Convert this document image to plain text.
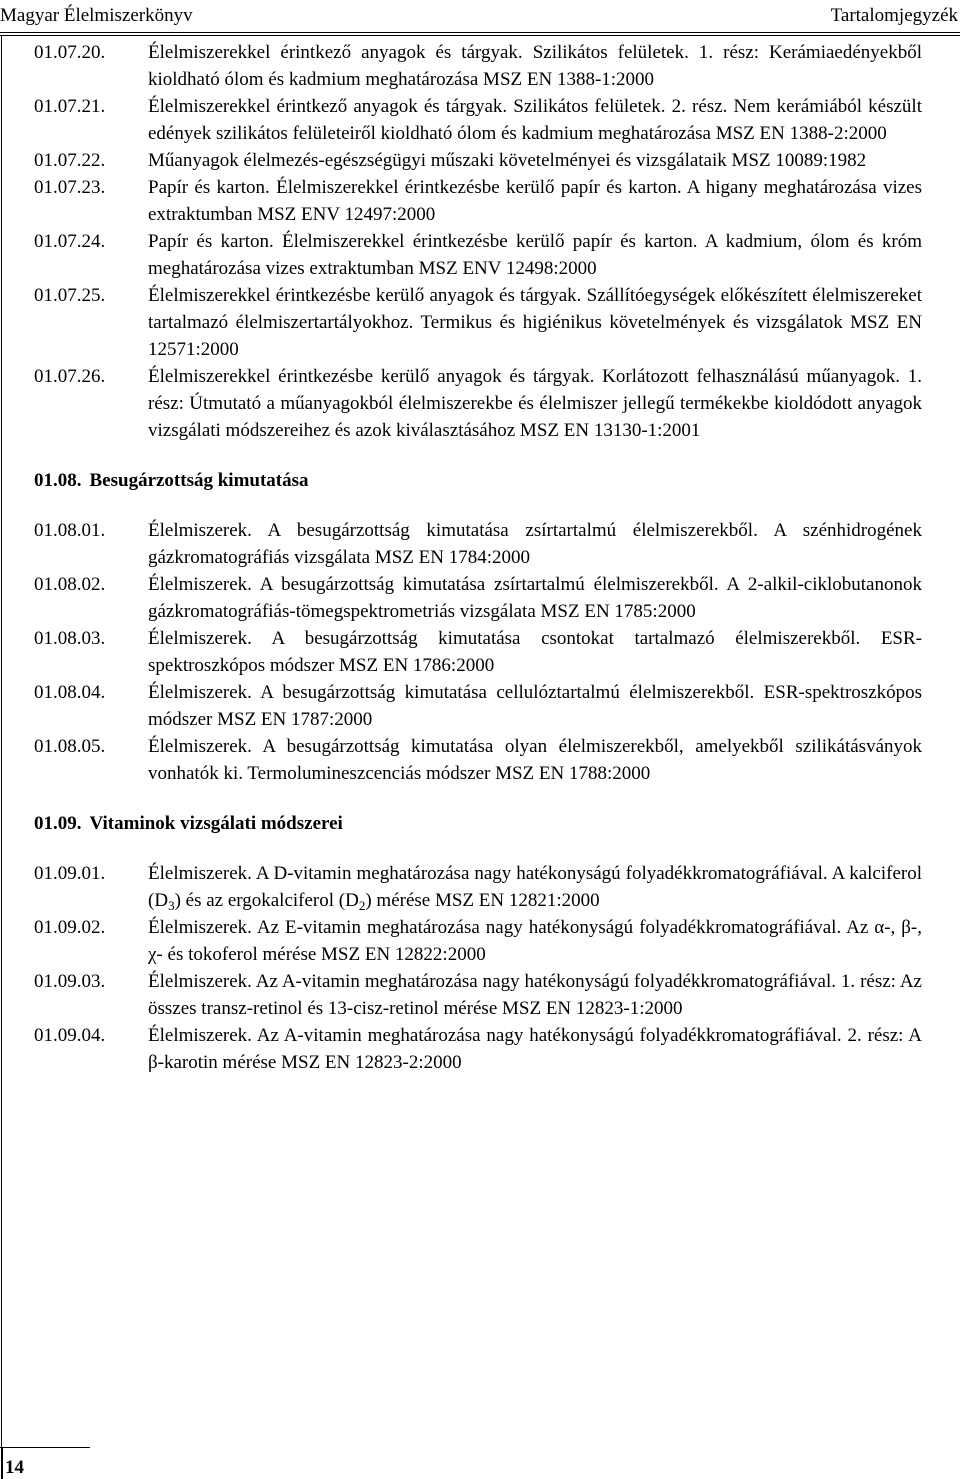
Magyar Élelmiszerkönyv	Tartalomjegyzék
01.07.20.	Élelmiszerekkel érintkező anyagok és tárgyak. Szilikátos felületek. 1. rész: Kerámiaedényekből kioldható ólom és kadmium meghatározása MSZ EN 1388-1:2000
01.07.21.	Élelmiszerekkel érintkező anyagok és tárgyak. Szilikátos felületek. 2. rész. Nem kerámiából készült edények szilikátos felületeiről kioldható ólom és kadmium meghatározása MSZ EN 1388-2:2000
01.07.22.	Műanyagok élelmezés-egészségügyi műszaki követelményei és vizsgálataik MSZ 10089:1982
01.07.23.	Papír és karton. Élelmiszerekkel érintkezésbe kerülő papír és karton. A higany meghatározása vizes extraktumban MSZ ENV 12497:2000
01.07.24.	Papír és karton. Élelmiszerekkel érintkezésbe kerülő papír és karton. A kadmium, ólom és króm meghatározása vizes extraktumban MSZ ENV 12498:2000
01.07.25.	Élelmiszerekkel érintkezésbe kerülő anyagok és tárgyak. Szállítóegységek előkészített élelmiszereket tartalmazó élelmiszertartályokhoz. Termikus és higiénikus követelmények és vizsgálatok MSZ EN 12571:2000
01.07.26.	Élelmiszerekkel érintkezésbe kerülő anyagok és tárgyak. Korlátozott felhasználású műanyagok. 1. rész: Útmutató a műanyagokból élelmiszerekbe és élelmiszer jellegű termékekbe kioldódott anyagok vizsgálati módszereihez és azok kiválasztásához MSZ EN 13130-1:2001
01.08. Besugárzottság kimutatása
01.08.01.	Élelmiszerek. A besugárzottság kimutatása zsírtartalmú élelmiszerekből. A szénhidrogének gázkromatográfiás vizsgálata MSZ EN 1784:2000
01.08.02.	Élelmiszerek. A besugárzottság kimutatása zsírtartalmú élelmiszerekből. A 2-alkil-ciklobutanonok gázkromatográfiás-tömegspektrometriás vizsgálata MSZ EN 1785:2000
01.08.03.	Élelmiszerek. A besugárzottság kimutatása csontokat tartalmazó élelmiszerekből. ESR-spektroszkópos módszer MSZ EN 1786:2000
01.08.04.	Élelmiszerek. A besugárzottság kimutatása cellulóztartalmú élelmiszerekből. ESR-spektroszkópos módszer MSZ EN 1787:2000
01.08.05.	Élelmiszerek. A besugárzottság kimutatása olyan élelmiszerekből, amelyekből szilikátásványok vonhatók ki. Termolumineszcenciás módszer MSZ EN 1788:2000
01.09. Vitaminok vizsgálati módszerei
01.09.01.	Élelmiszerek. A D-vitamin meghatározása nagy hatékonyságú folyadékkromatográfiával. A kalciferol $(D_3)$ és az ergokalciferol $(D_2)$ mérése MSZ EN 12821:2000
01.09.02.	Élelmiszerek. Az E-vitamin meghatározása nagy hatékonyságú folyadékkromatográfiával. Az α-, β-, χ- és tokoferol mérése MSZ EN 12822:2000
01.09.03.	Élelmiszerek. Az A-vitamin meghatározása nagy hatékonyságú folyadékkromatográfiával. 1. rész: Az összes transz-retinol és 13-cisz-retinol mérése MSZ EN 12823-1:2000
01.09.04.	Élelmiszerek. Az A-vitamin meghatározása nagy hatékonyságú folyadékkromatográfiával. 2. rész: A β-karotin mérése MSZ EN 12823-2:2000
14
